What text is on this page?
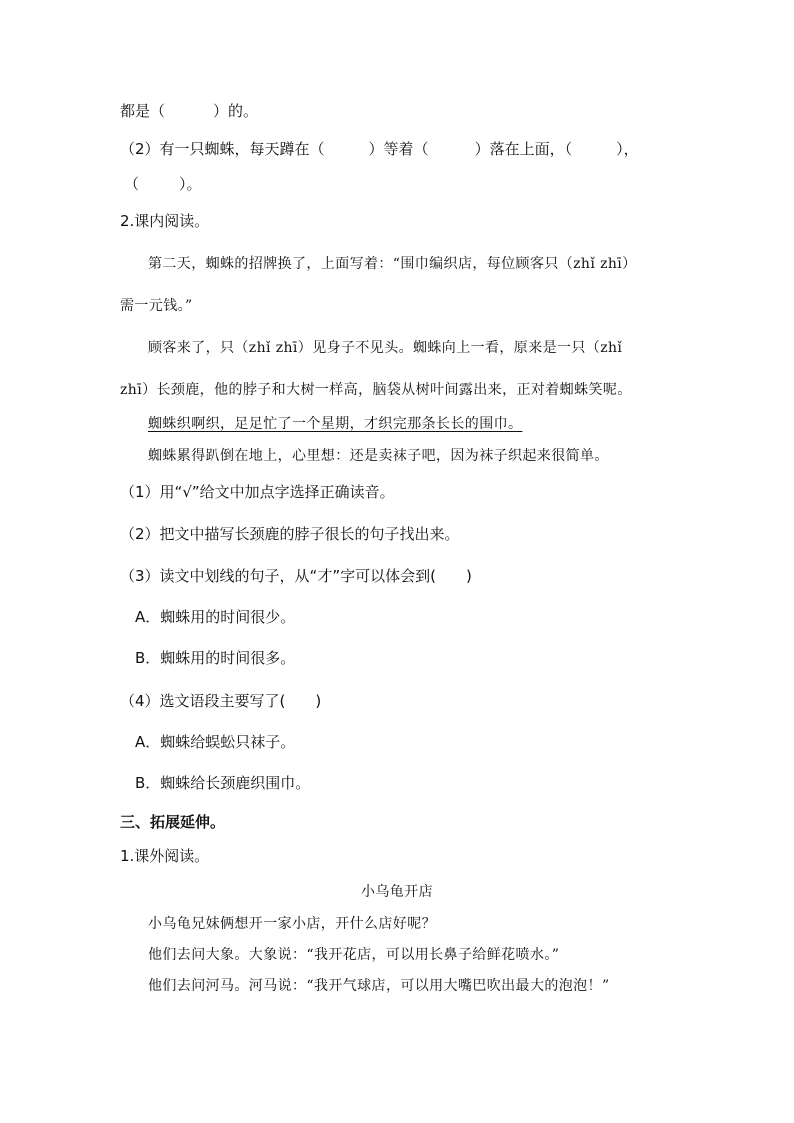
都是（	）的。
（2）有一只蜘蛛，每天蹲在（	）等着（	）落在上面，（	），
（	）。
2.课内阅读。
第二天，蜘蛛的招牌换了，上面写着：“围巾编织店，每位顾客只（zhǐ zhī）
需一元钱。”
顾客来了，只（zhǐ zhī）见身子不见头。蜘蛛向上一看，原来是一只（zhǐ
zhī）长颈鹿，他的脖子和大树一样高，脑袋从树叶间露出来，正对着蜘蛛笑呢。
蜘蛛织啊织，足足忙了一个星期，才织完那条长长的围巾。
蜘蛛累得趴倒在地上，心里想：还是卖袜子吧，因为袜子织起来很简单。
（1）用“√”给文中加点字选择正确读音。
（2）把文中描写长颈鹿的脖子很长的句子找出来。
（3）读文中划线的句子，从“才”字可以体会到(　　)
A．蜘蛛用的时间很少。
B．蜘蛛用的时间很多。
（4）选文语段主要写了(　　)
A．蜘蛛给蜈蚣只袜子。
B．蜘蛛给长颈鹿织围巾。
三、拓展延伸。
1.课外阅读。
小乌龟开店
小乌龟兄妹俩想开一家小店，开什么店好呢？
他们去问大象。大象说：“我开花店，可以用长鼻子给鲜花喷水。”
他们去问河马。河马说：“我开气球店，可以用大嘴巴吹出最大的泡泡！”
